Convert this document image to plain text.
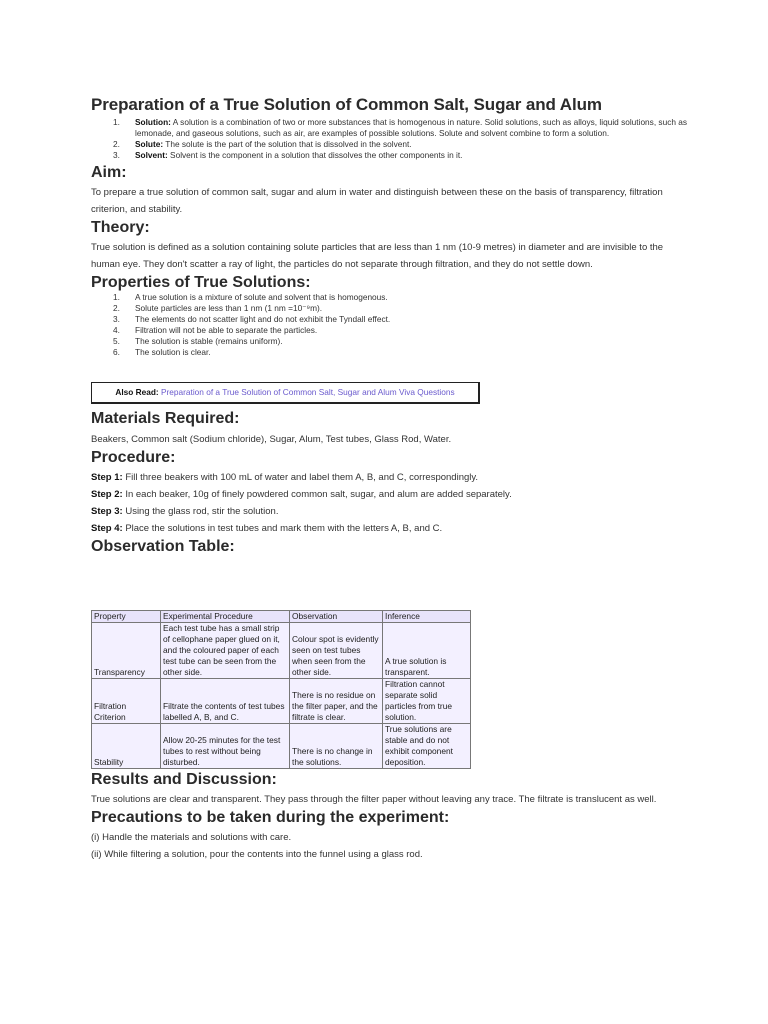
Preparation of a True Solution of Common Salt, Sugar and Alum
1. Solution: A solution is a combination of two or more substances that is homogenous in nature. Solid solutions, such as alloys, liquid solutions, such as lemonade, and gaseous solutions, such as air, are examples of possible solutions. Solute and solvent combine to form a solution.
2. Solute: The solute is the part of the solution that is dissolved in the solvent.
3. Solvent: Solvent is the component in a solution that dissolves the other components in it.
Aim:

To prepare a true solution of common salt, sugar and alum in water and distinguish between these on the basis of transparency, filtration criterion, and stability.

Theory:

True solution is defined as a solution containing solute particles that are less than 1 nm (10-9 metres) in diameter and are invisible to the human eye. They don't scatter a ray of light, the particles do not separate through filtration, and they do not settle down.

Properties of True Solutions:
1. A true solution is a mixture of solute and solvent that is homogenous.
2. Solute particles are less than 1 nm (1 nm =10⁻⁹m).
3. The elements do not scatter light and do not exhibit the Tyndall effect.
4. Filtration will not be able to separate the particles.
5. The solution is stable (remains uniform).
6. The solution is clear.
Also Read: Preparation of a True Solution of Common Salt, Sugar and Alum Viva Questions
Materials Required:

Beakers, Common salt (Sodium chloride), Sugar, Alum, Test tubes, Glass Rod, Water.

Procedure:

Step 1: Fill three beakers with 100 mL of water and label them A, B, and C, correspondingly.

Step 2: In each beaker, 10g of finely powdered common salt, sugar, and alum are added separately.

Step 3: Using the glass rod, stir the solution.

Step 4: Place the solutions in test tubes and mark them with the letters A, B, and C.

Observation Table:
Property	Experimental Procedure	Observation	Inference
Transparency	Each test tube has a small strip of cellophane paper glued on it, and the coloured paper of each test tube can be seen from the other side.	Colour spot is evidently seen on test tubes when seen from the other side.	A true solution is transparent.
Filtration Criterion	Filtrate the contents of test tubes labelled A, B, and C.	There is no residue on the filter paper, and the filtrate is clear.	Filtration cannot separate solid particles from true solution.
Stability	Allow 20-25 minutes for the test tubes to rest without being disturbed.	There is no change in the solutions.	True solutions are stable and do not exhibit component deposition.
Results and Discussion:

True solutions are clear and transparent. They pass through the filter paper without leaving any trace. The filtrate is translucent as well.

Precautions to be taken during the experiment:

(i) Handle the materials and solutions with care.

(ii) While filtering a solution, pour the contents into the funnel using a glass rod.
